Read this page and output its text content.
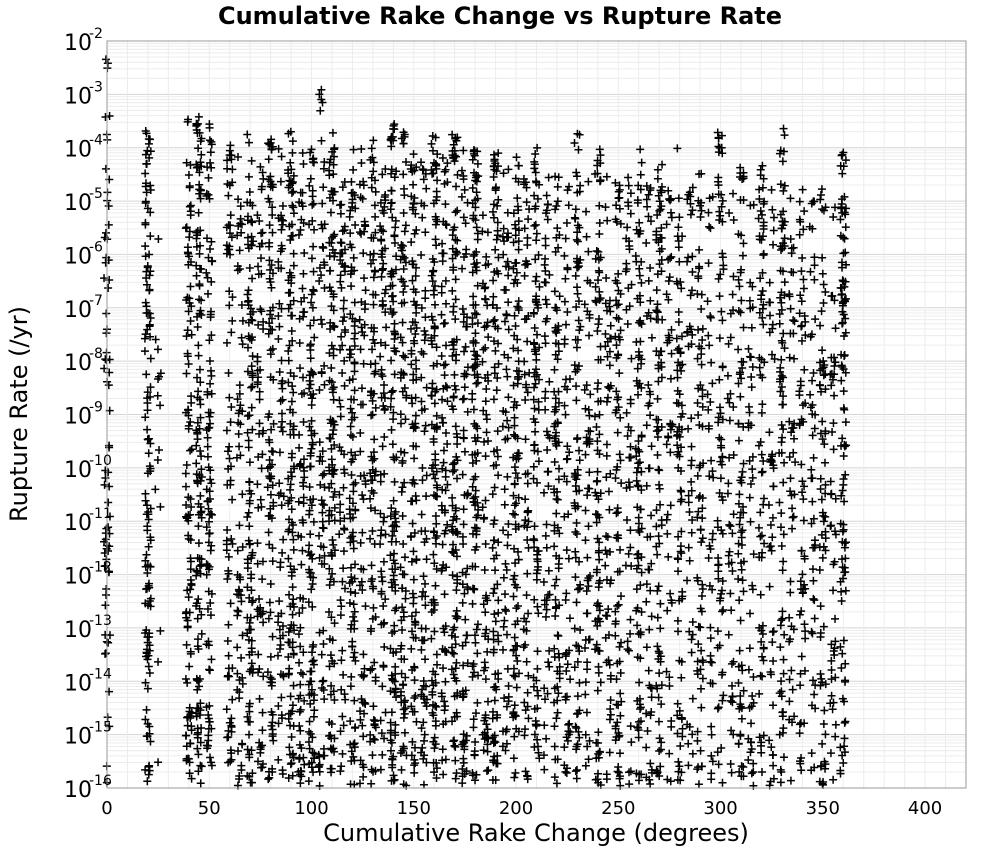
0	50	100	150	200	250	300	350	400
10
-2
10
-3
10
-4
10
-5
10
-6
10
-7
10
-8
10
-9
10
-10
10
-11
10
-12
10
-13
10
-14
10
-15
10
-16
Cumulative Rake Change vs Rupture Rate
Cumulative Rake Change (degrees)
Rupture Rate (/yr)
